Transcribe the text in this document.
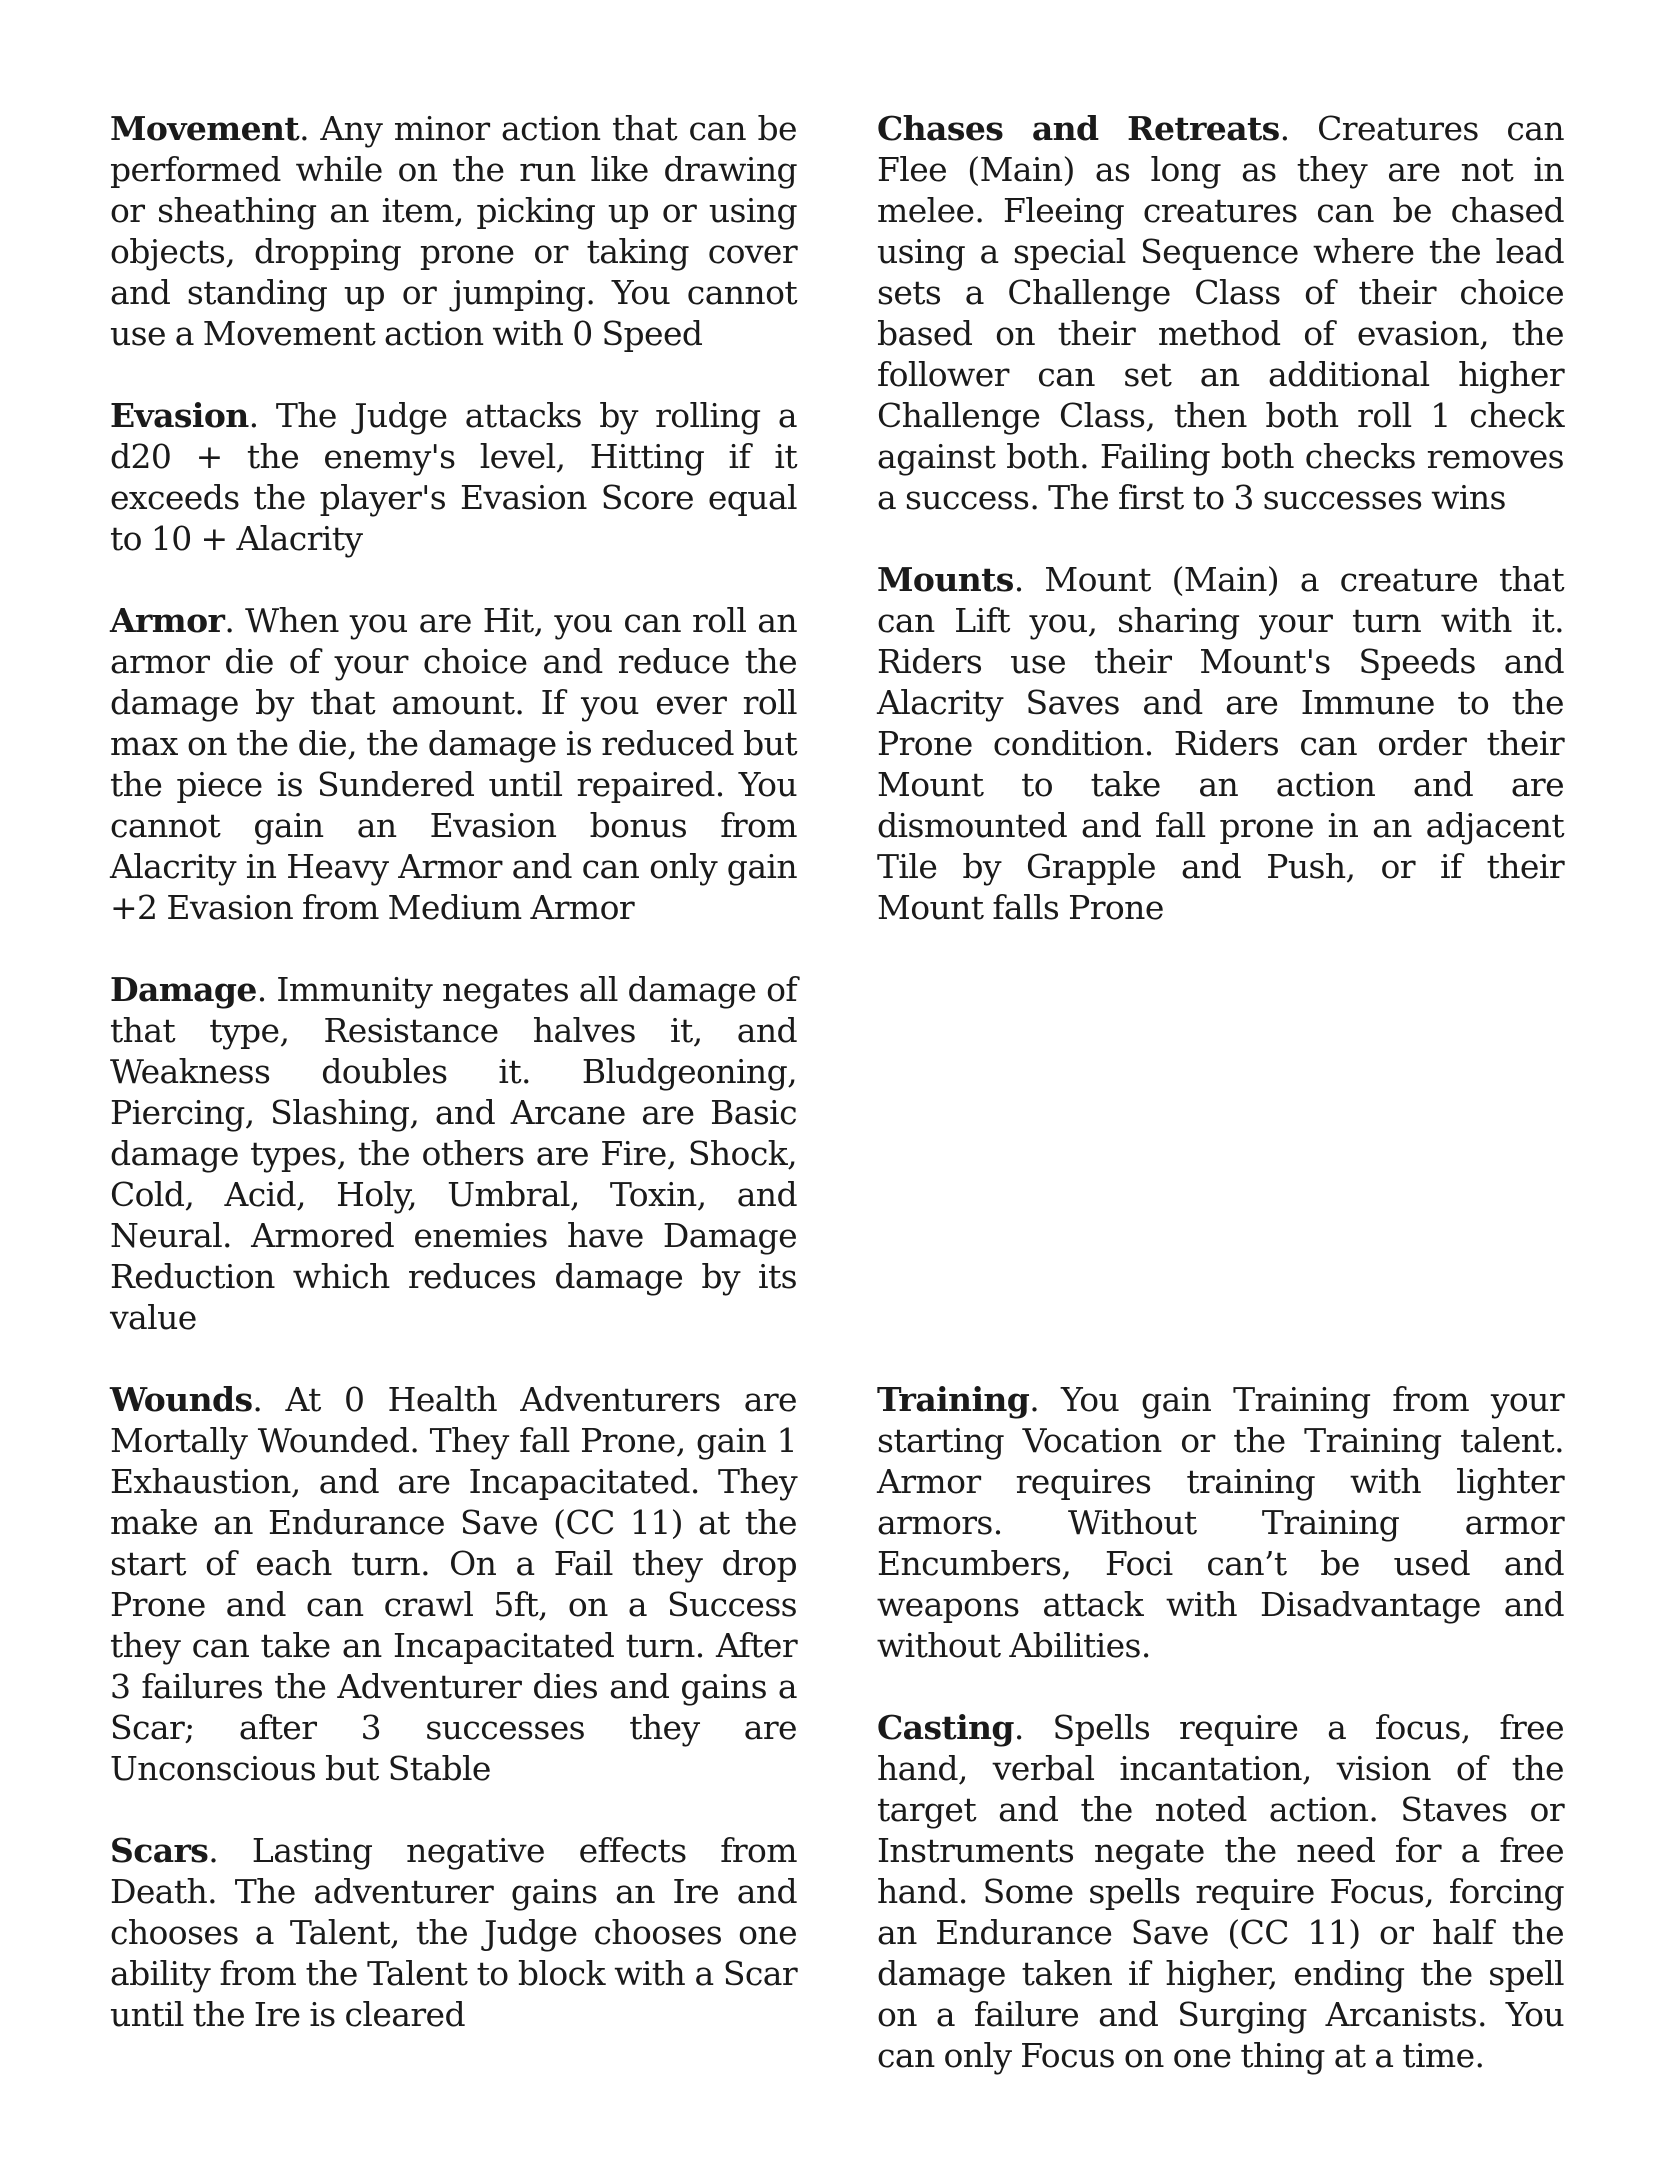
Movement. Any minor action that can be performed while on the run like drawing or sheathing an item, picking up or using objects, dropping prone or taking cover and standing up or jumping. You cannot use a Movement action with 0 Speed

Evasion. The Judge attacks by rolling a d20 + the enemy's level, Hitting if it exceeds the player's Evasion Score equal to 10 + Alacrity

Armor. When you are Hit, you can roll an armor die of your choice and reduce the damage by that amount. If you ever roll max on the die, the damage is reduced but the piece is Sundered until repaired. You cannot gain an Evasion bonus from Alacrity in Heavy Armor and can only gain +2 Evasion from Medium Armor

Damage. Immunity negates all damage of that type, Resistance halves it, and Weakness doubles it. Bludgeoning, Piercing, Slashing, and Arcane are Basic damage types, the others are Fire, Shock, Cold, Acid, Holy, Umbral, Toxin, and Neural. Armored enemies have Damage Reduction which reduces damage by its value

Wounds. At 0 Health Adventurers are Mortally Wounded. They fall Prone, gain 1 Exhaustion, and are Incapacitated. They make an Endurance Save (CC 11) at the start of each turn. On a Fail they drop Prone and can crawl 5ft, on a Success they can take an Incapacitated turn. After 3 failures the Adventurer dies and gains a Scar; after 3 successes they are Unconscious but Stable

Scars. Lasting negative effects from Death. The adventurer gains an Ire and chooses a Talent, the Judge chooses one ability from the Talent to block with a Scar until the Ire is cleared

Chases and Retreats. Creatures can Flee (Main) as long as they are not in melee. Fleeing creatures can be chased using a special Sequence where the lead sets a Challenge Class of their choice based on their method of evasion, the follower can set an additional higher Challenge Class, then both roll 1 check against both. Failing both checks removes a success. The first to 3 successes wins

Mounts. Mount (Main) a creature that can Lift you, sharing your turn with it. Riders use their Mount's Speeds and Alacrity Saves and are Immune to the Prone condition. Riders can order their Mount to take an action and are dismounted and fall prone in an adjacent Tile by Grapple and Push, or if their Mount falls Prone

Training. You gain Training from your starting Vocation or the Training talent. Armor requires training with lighter armors. Without Training armor Encumbers, Foci can’t be used and weapons attack with Disadvantage and without Abilities.

Casting. Spells require a focus, free hand, verbal incantation, vision of the target and the noted action. Staves or Instruments negate the need for a free hand. Some spells require Focus, forcing an Endurance Save (CC 11) or half the damage taken if higher, ending the spell on a failure and Surging Arcanists. You can only Focus on one thing at a time.
